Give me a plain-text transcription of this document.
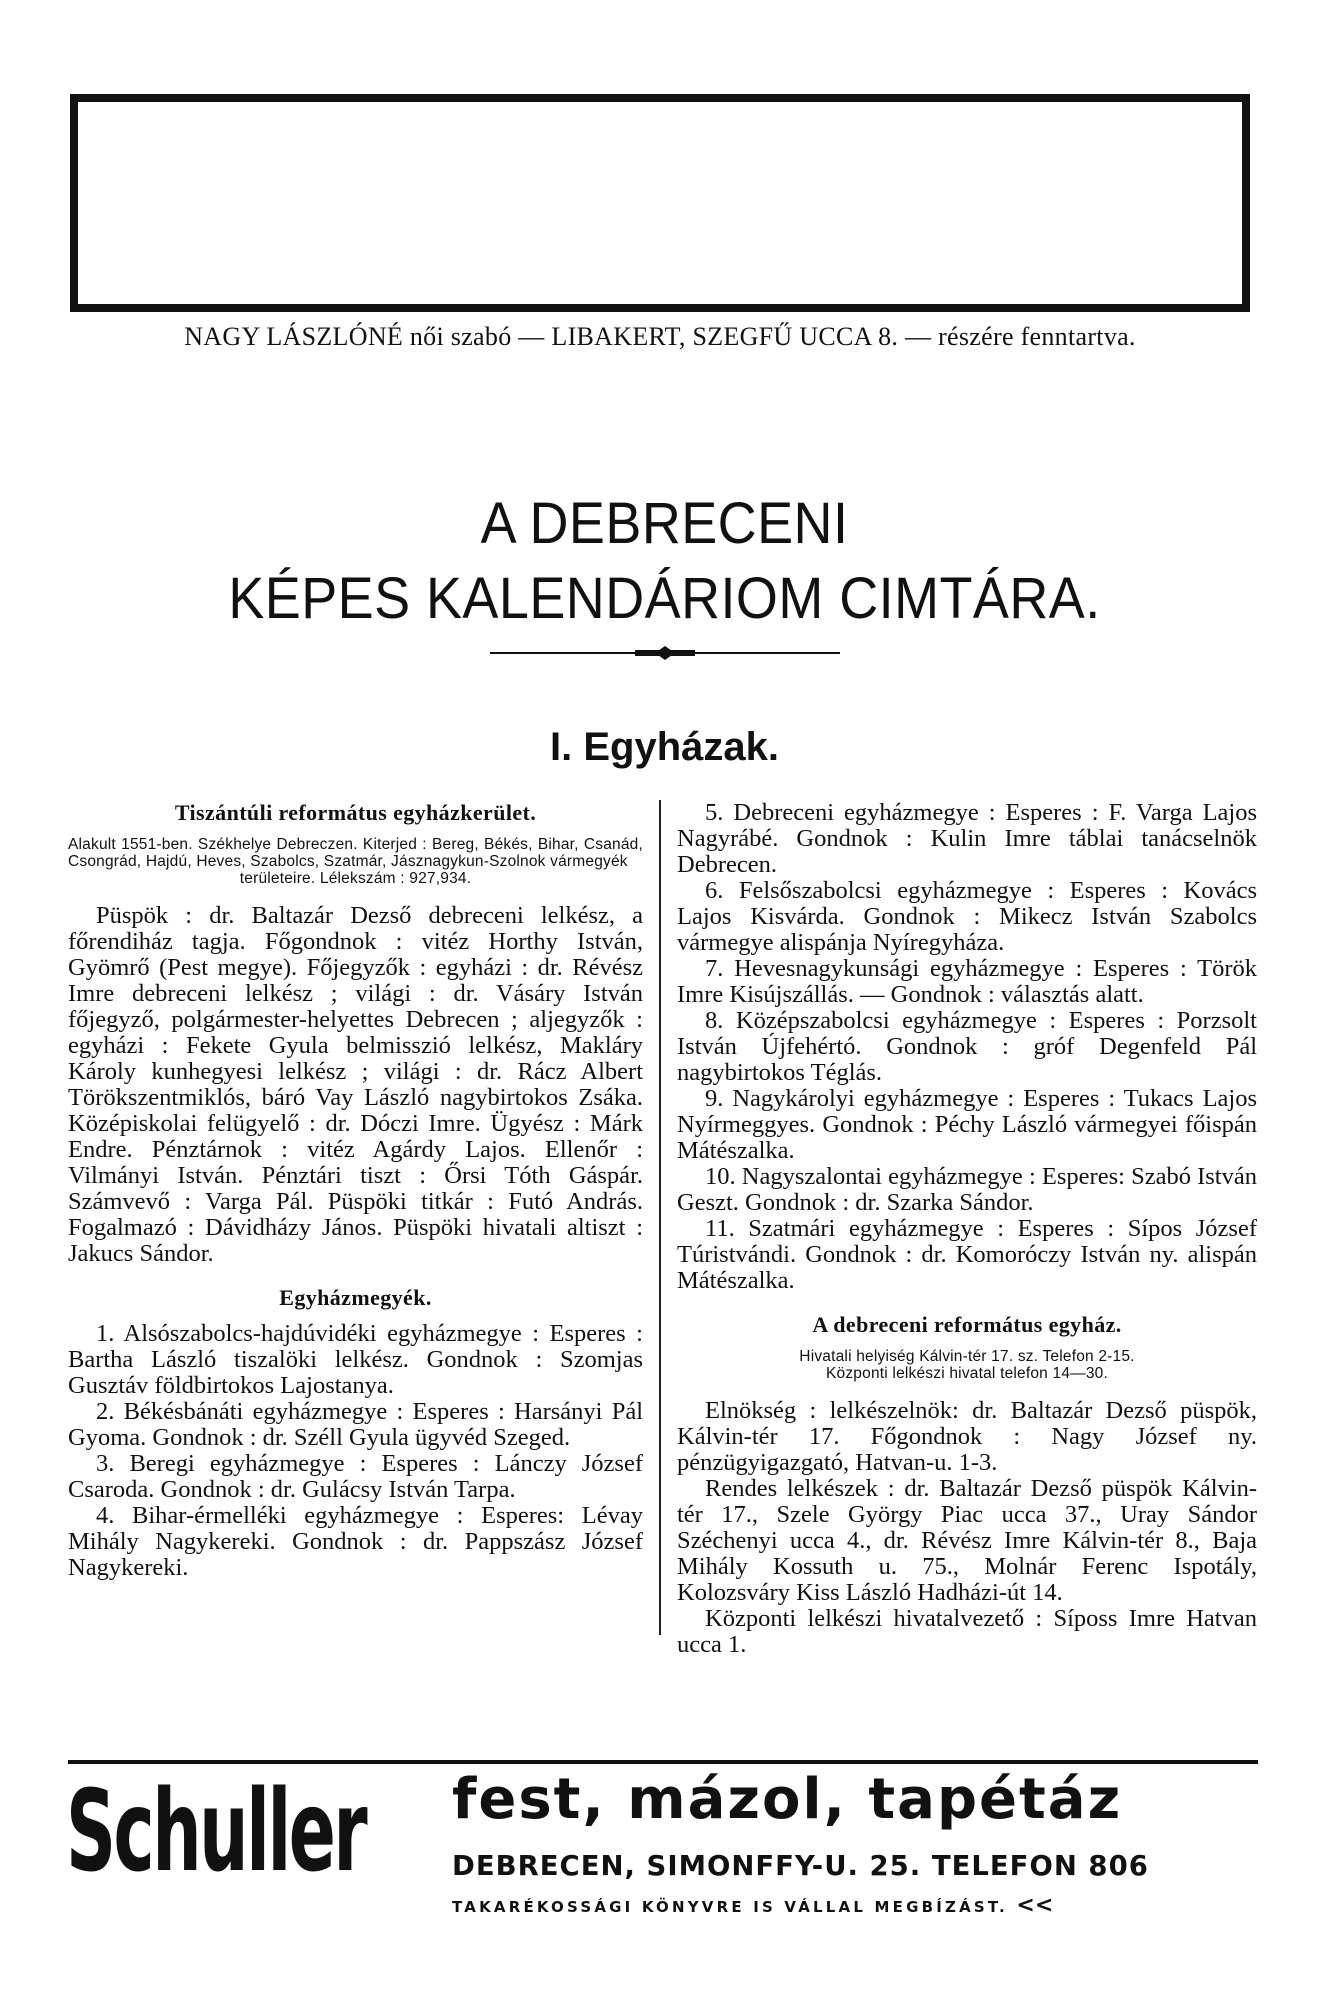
NAGY LÁSZLÓNÉ női szabó — LIBAKERT, SZEGFŰ UCCA 8. — részére fenntartva.
A DEBRECENI
KÉPES KALENDÁRIOM CIMTÁRA.
I. Egyházak.
Tiszántúli református egyházkerület.
Alakult 1551-ben. Székhelye Debreczen. Kiterjed : Bereg, Békés, Bihar, Csanád, Csongrád, Hajdú, Heves, Szabolcs, Szatmár, Jásznagykun-Szolnok vármegyék
területeire. Lélekszám : 927,934.

Püspök : dr. Baltazár Dezső debreceni lelkész, a főrendiház tagja. Főgondnok : vitéz Horthy István, Gyömrő (Pest megye). Főjegyzők : egyházi : dr. Révész Imre debreceni lelkész ; világi : dr. Vásáry István főjegyző, polgármester-helyettes Debrecen ; aljegyzők : egyházi : Fekete Gyula belmisszió lelkész, Makláry Károly kunhegyesi lelkész ; világi : dr. Rácz Albert Törökszentmiklós, báró Vay László nagybirtokos Zsáka. Középiskolai felügyelő : dr. Dóczi Imre. Ügyész : Márk Endre. Pénztárnok : vitéz Agárdy Lajos. Ellenőr : Vilmányi István. Pénztári tiszt : Őrsi Tóth Gáspár. Számvevő : Varga Pál. Püspöki titkár : Futó András. Fogalmazó : Dávidházy János. Püspöki hivatali altiszt : Jakucs Sándor.

Egyházmegyék.

1. Alsószabolcs-hajdúvidéki egyházmegye : Esperes : Bartha László tiszalöki lelkész. Gondnok : Szomjas Gusztáv földbirtokos Lajostanya.

2. Békésbánáti egyházmegye : Esperes : Harsányi Pál Gyoma. Gondnok : dr. Széll Gyula ügyvéd Szeged.

3. Beregi egyházmegye : Esperes : Lánczy József Csaroda. Gondnok : dr. Gulácsy István Tarpa.

4. Bihar-érmelléki egyházmegye : Esperes: Lévay Mihály Nagykereki. Gondnok : dr. Pappszász József Nagykereki.

5. Debreceni egyházmegye : Esperes : F. Varga Lajos Nagyrábé. Gondnok : Kulin Imre táblai tanácselnök Debrecen.

6. Felsőszabolcsi egyházmegye : Esperes : Kovács Lajos Kisvárda. Gondnok : Mikecz István Szabolcs vármegye alispánja Nyíregyháza.

7. Hevesnagykunsági egyházmegye : Esperes : Török Imre Kisújszállás. — Gondnok : választás alatt.

8. Középszabolcsi egyházmegye : Esperes : Porzsolt István Újfehértó. Gondnok : gróf Degenfeld Pál nagybirtokos Téglás.

9. Nagykárolyi egyházmegye : Esperes : Tukacs Lajos Nyírmeggyes. Gondnok : Péchy László vármegyei főispán Mátészalka.

10. Nagyszalontai egyházmegye : Esperes: Szabó István Geszt. Gondnok : dr. Szarka Sándor.

11. Szatmári egyházmegye : Esperes : Sípos József Túristvándi. Gondnok : dr. Komoróczy István ny. alispán Mátészalka.

A debreceni református egyház.
Hivatali helyiség Kálvin-tér 17. sz. Telefon 2-15.
Központi lelkészi hivatal telefon 14—30.

Elnökség : lelkészelnök: dr. Baltazár Dezső püspök, Kálvin-tér 17. Főgondnok : Nagy József ny. pénzügyigazgató, Hatvan-u. 1-3.

Rendes lelkészek : dr. Baltazár Dezső püspök Kálvin-tér 17., Szele György Piac ucca 37., Uray Sándor Széchenyi ucca 4., dr. Révész Imre Kálvin-tér 8., Baja Mihály Kossuth u. 75., Molnár Ferenc Ispotály, Kolozsváry Kiss László Hadházi-út 14.

Központi lelkészi hivatalvezető : Síposs Imre Hatvan ucca 1.

Schuller fest, mázol, tapétáz
DEBRECEN, SIMONFFY-U. 25. TELEFON 806
TAKARÉKOSSÁGI KÖNYVRE IS VÁLLAL MEGBÍZÁST. <<
